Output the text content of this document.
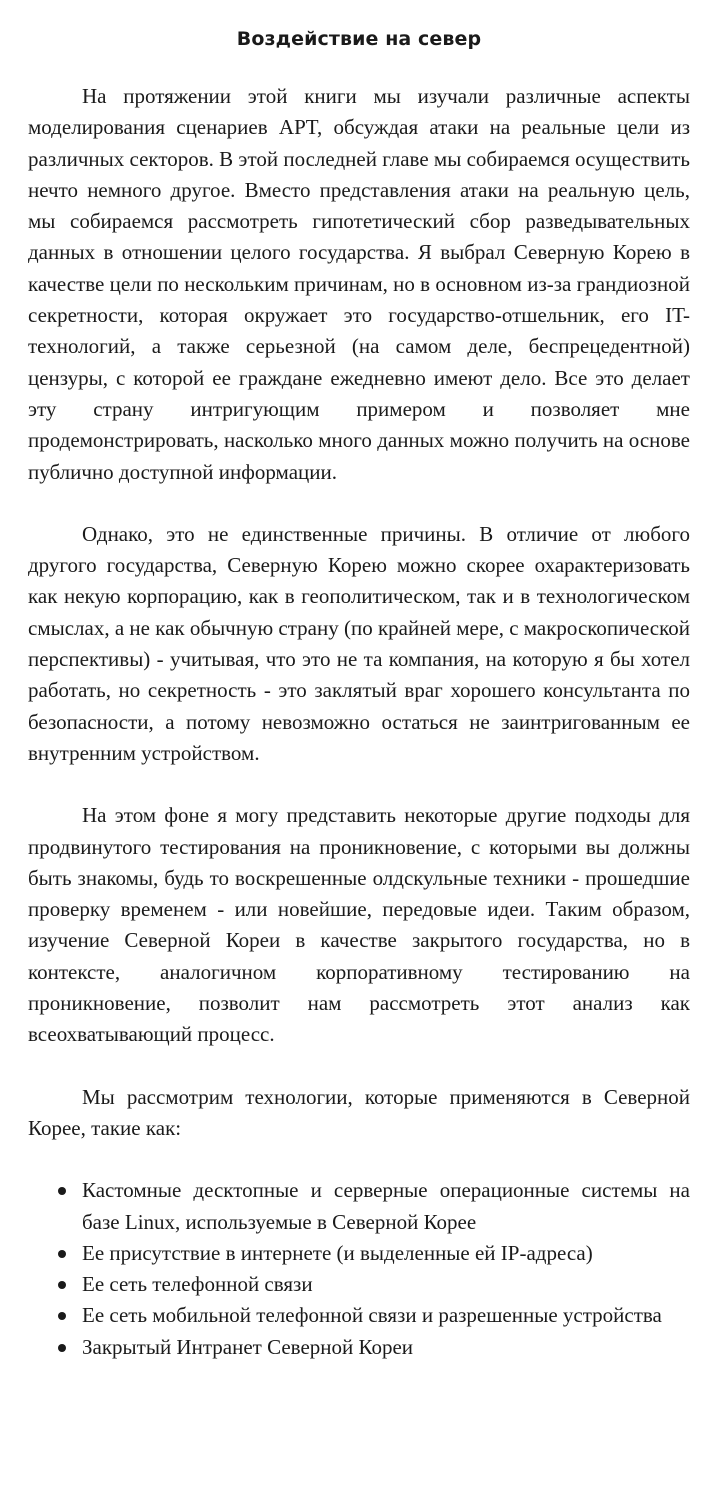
Воздействие на север

На протяжении этой книги мы изучали различные аспекты моделирования сценариев APT, обсуждая атаки на реальные цели из различных секторов. В этой последней главе мы собираемся осуществить нечто немного другое. Вместо представления атаки на реальную цель, мы собираемся рассмотреть гипотетический сбор разведывательных данных в отношении целого государства. Я выбрал Северную Корею в качестве цели по нескольким причинам, но в основном из-за грандиозной секретности, которая окружает это государство-отшельник, его IT-технологий, а также серьезной (на самом деле, беспрецедентной) цензуры, с которой ее граждане ежедневно имеют дело. Все это делает эту страну интригующим примером и позволяет мне продемонстрировать, насколько много данных можно получить на основе публично доступной информации.

Однако, это не единственные причины. В отличие от любого другого государства, Северную Корею можно скорее охарактеризовать как некую корпорацию, как в геополитическом, так и в технологическом смыслах, а не как обычную страну (по крайней мере, с макроскопической перспективы) - учитывая, что это не та компания, на которую я бы хотел работать, но секретность - это заклятый враг хорошего консультанта по безопасности, а потому невозможно остаться не заинтригованным ее внутренним устройством.

На этом фоне я могу представить некоторые другие подходы для продвинутого тестирования на проникновение, с которыми вы должны быть знакомы, будь то воскрешенные олдскульные техники - прошедшие проверку временем - или новейшие, передовые идеи. Таким образом, изучение Северной Кореи в качестве закрытого государства, но в контексте, аналогичном корпоративному тестированию на проникновение, позволит нам рассмотреть этот анализ как всеохватывающий процесс.

Мы рассмотрим технологии, которые применяются в Северной Корее, такие как:

Кастомные десктопные и серверные операционные системы на базе Linux, используемые в Северной Корее
Ее присутствие в интернете (и выделенные ей IP-адреса)
Ее сеть телефонной связи
Ее сеть мобильной телефонной связи и разрешенные устройства
Закрытый Интранет Северной Кореи
